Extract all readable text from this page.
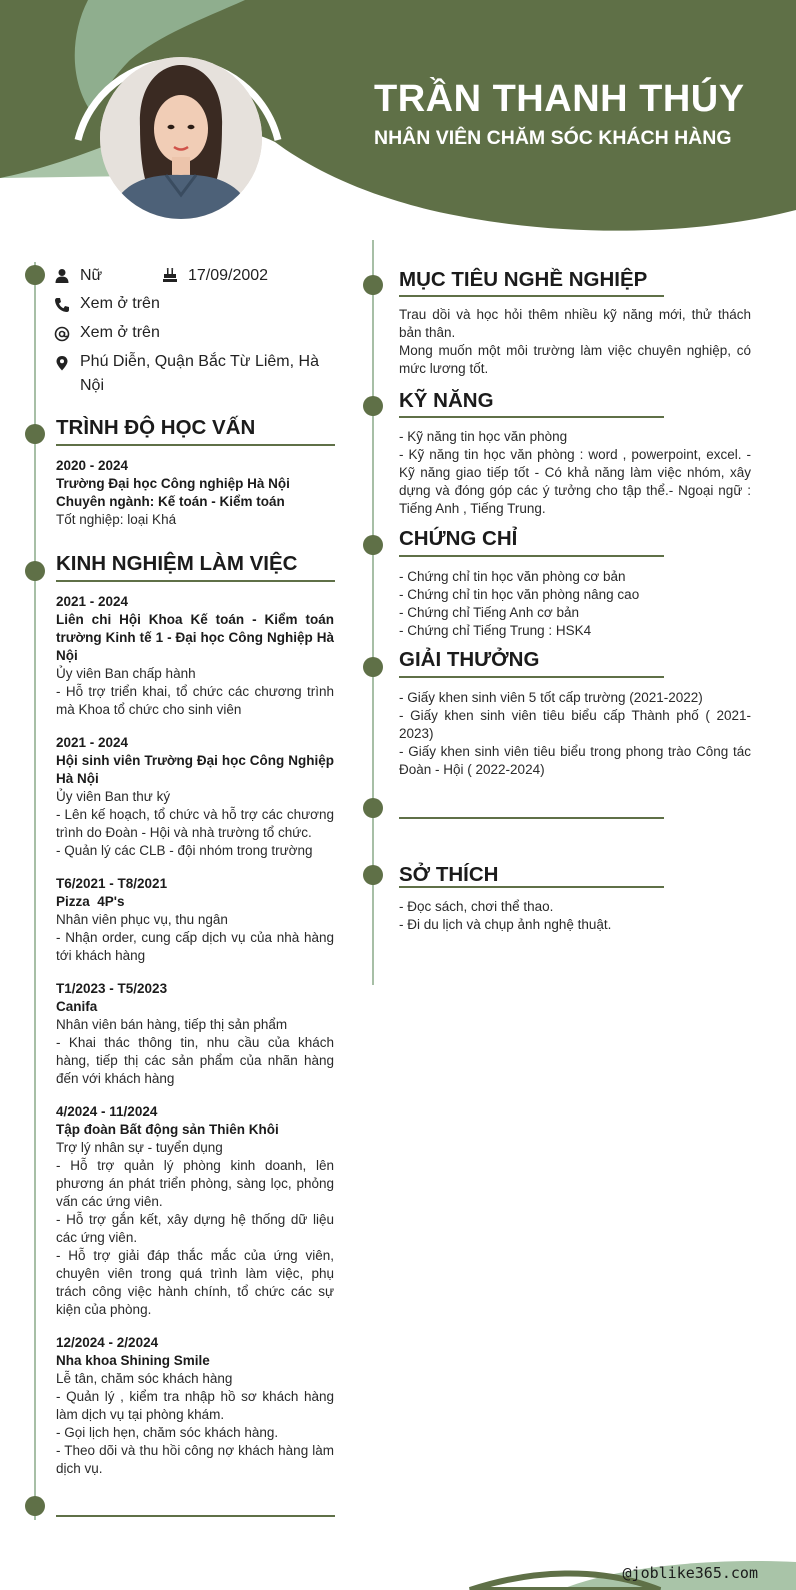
TRẦN THANH THÚY
NHÂN VIÊN CHĂM SÓC KHÁCH HÀNG
Nữ	17/09/2002
Xem ở trên
Xem ở trên
Phú Diễn, Quận Bắc Từ Liêm, Hà Nội
TRÌNH ĐỘ HỌC VẤN

2020 - 2024

Trường Đại học Công nghiệp Hà Nội

Chuyên ngành: Kế toán - Kiểm toán

Tốt nghiệp: loại Khá

KINH NGHIỆM LÀM VIỆC

2021 - 2024

Liên chi Hội Khoa Kế toán - Kiểm toán trường Kinh tế 1 - Đại học Công Nghiệp Hà Nội

Ủy viên Ban chấp hành

- Hỗ trợ triển khai, tổ chức các chương trình mà Khoa tổ chức cho sinh viên

2021 - 2024

Hội sinh viên Trường Đại học Công Nghiệp Hà Nội

Ủy viên Ban thư ký

- Lên kế hoạch, tổ chức và hỗ trợ các chương trình do Đoàn - Hội và nhà trường tổ chức.

- Quản lý các CLB - đội nhóm trong trường

T6/2021 - T8/2021

Pizza  4P's

Nhân viên phục vụ, thu ngân

- Nhận order, cung cấp dịch vụ của nhà hàng tới khách hàng

T1/2023 - T5/2023

Canifa

Nhân viên bán hàng, tiếp thị sản phẩm

- Khai thác thông tin, nhu cầu của khách hàng, tiếp thị các sản phẩm của nhãn hàng đến với khách hàng

4/2024 - 11/2024

Tập đoàn Bất động sản Thiên Khôi

Trợ lý nhân sự - tuyển dụng

- Hỗ trợ quản lý phòng kinh doanh, lên phương án phát triển phòng, sàng lọc, phỏng vấn các ứng viên.

- Hỗ trợ gắn kết, xây dựng hệ thống dữ liệu các ứng viên.

- Hỗ trợ giải đáp thắc mắc của ứng viên, chuyên viên trong quá trình làm việc, phụ trách công việc hành chính, tổ chức các sự kiện của phòng.

12/2024 - 2/2024

Nha khoa Shining Smile

Lễ tân, chăm sóc khách hàng

- Quản lý , kiểm tra nhập hồ sơ khách hàng làm dịch vụ tại phòng khám.

- Gọi lịch hẹn, chăm sóc khách hàng.

- Theo dõi và thu hồi công nợ khách hàng làm dịch vụ.

MỤC TIÊU NGHỀ NGHIỆP

Trau dồi và học hỏi thêm nhiều kỹ năng mới, thử thách bản thân.

Mong muốn một môi trường làm việc chuyên nghiệp, có mức lương tốt.

KỸ NĂNG

- Kỹ năng tin học văn phòng

- Kỹ năng tin học văn phòng : word , powerpoint, excel. - Kỹ năng giao tiếp tốt - Có khả năng làm việc nhóm, xây dựng và đóng góp các ý tưởng cho tập thể.- Ngoại ngữ : Tiếng Anh , Tiếng Trung.

CHỨNG CHỈ

- Chứng chỉ tin học văn phòng cơ bản

- Chứng chỉ tin học văn phòng nâng cao

- Chứng chỉ Tiếng Anh cơ bản

- Chứng chỉ Tiếng Trung : HSK4

GIẢI THƯỞNG

- Giấy khen sinh viên 5 tốt cấp trường (2021-2022)

- Giấy khen sinh viên tiêu biểu cấp Thành phố ( 2021-2023)

- Giấy khen sinh viên tiêu biểu trong phong trào Công tác Đoàn - Hội ( 2022-2024)

SỞ THÍCH

- Đọc sách, chơi thể thao.

- Đi du lịch và chụp ảnh nghệ thuật.

@joblike365.com
